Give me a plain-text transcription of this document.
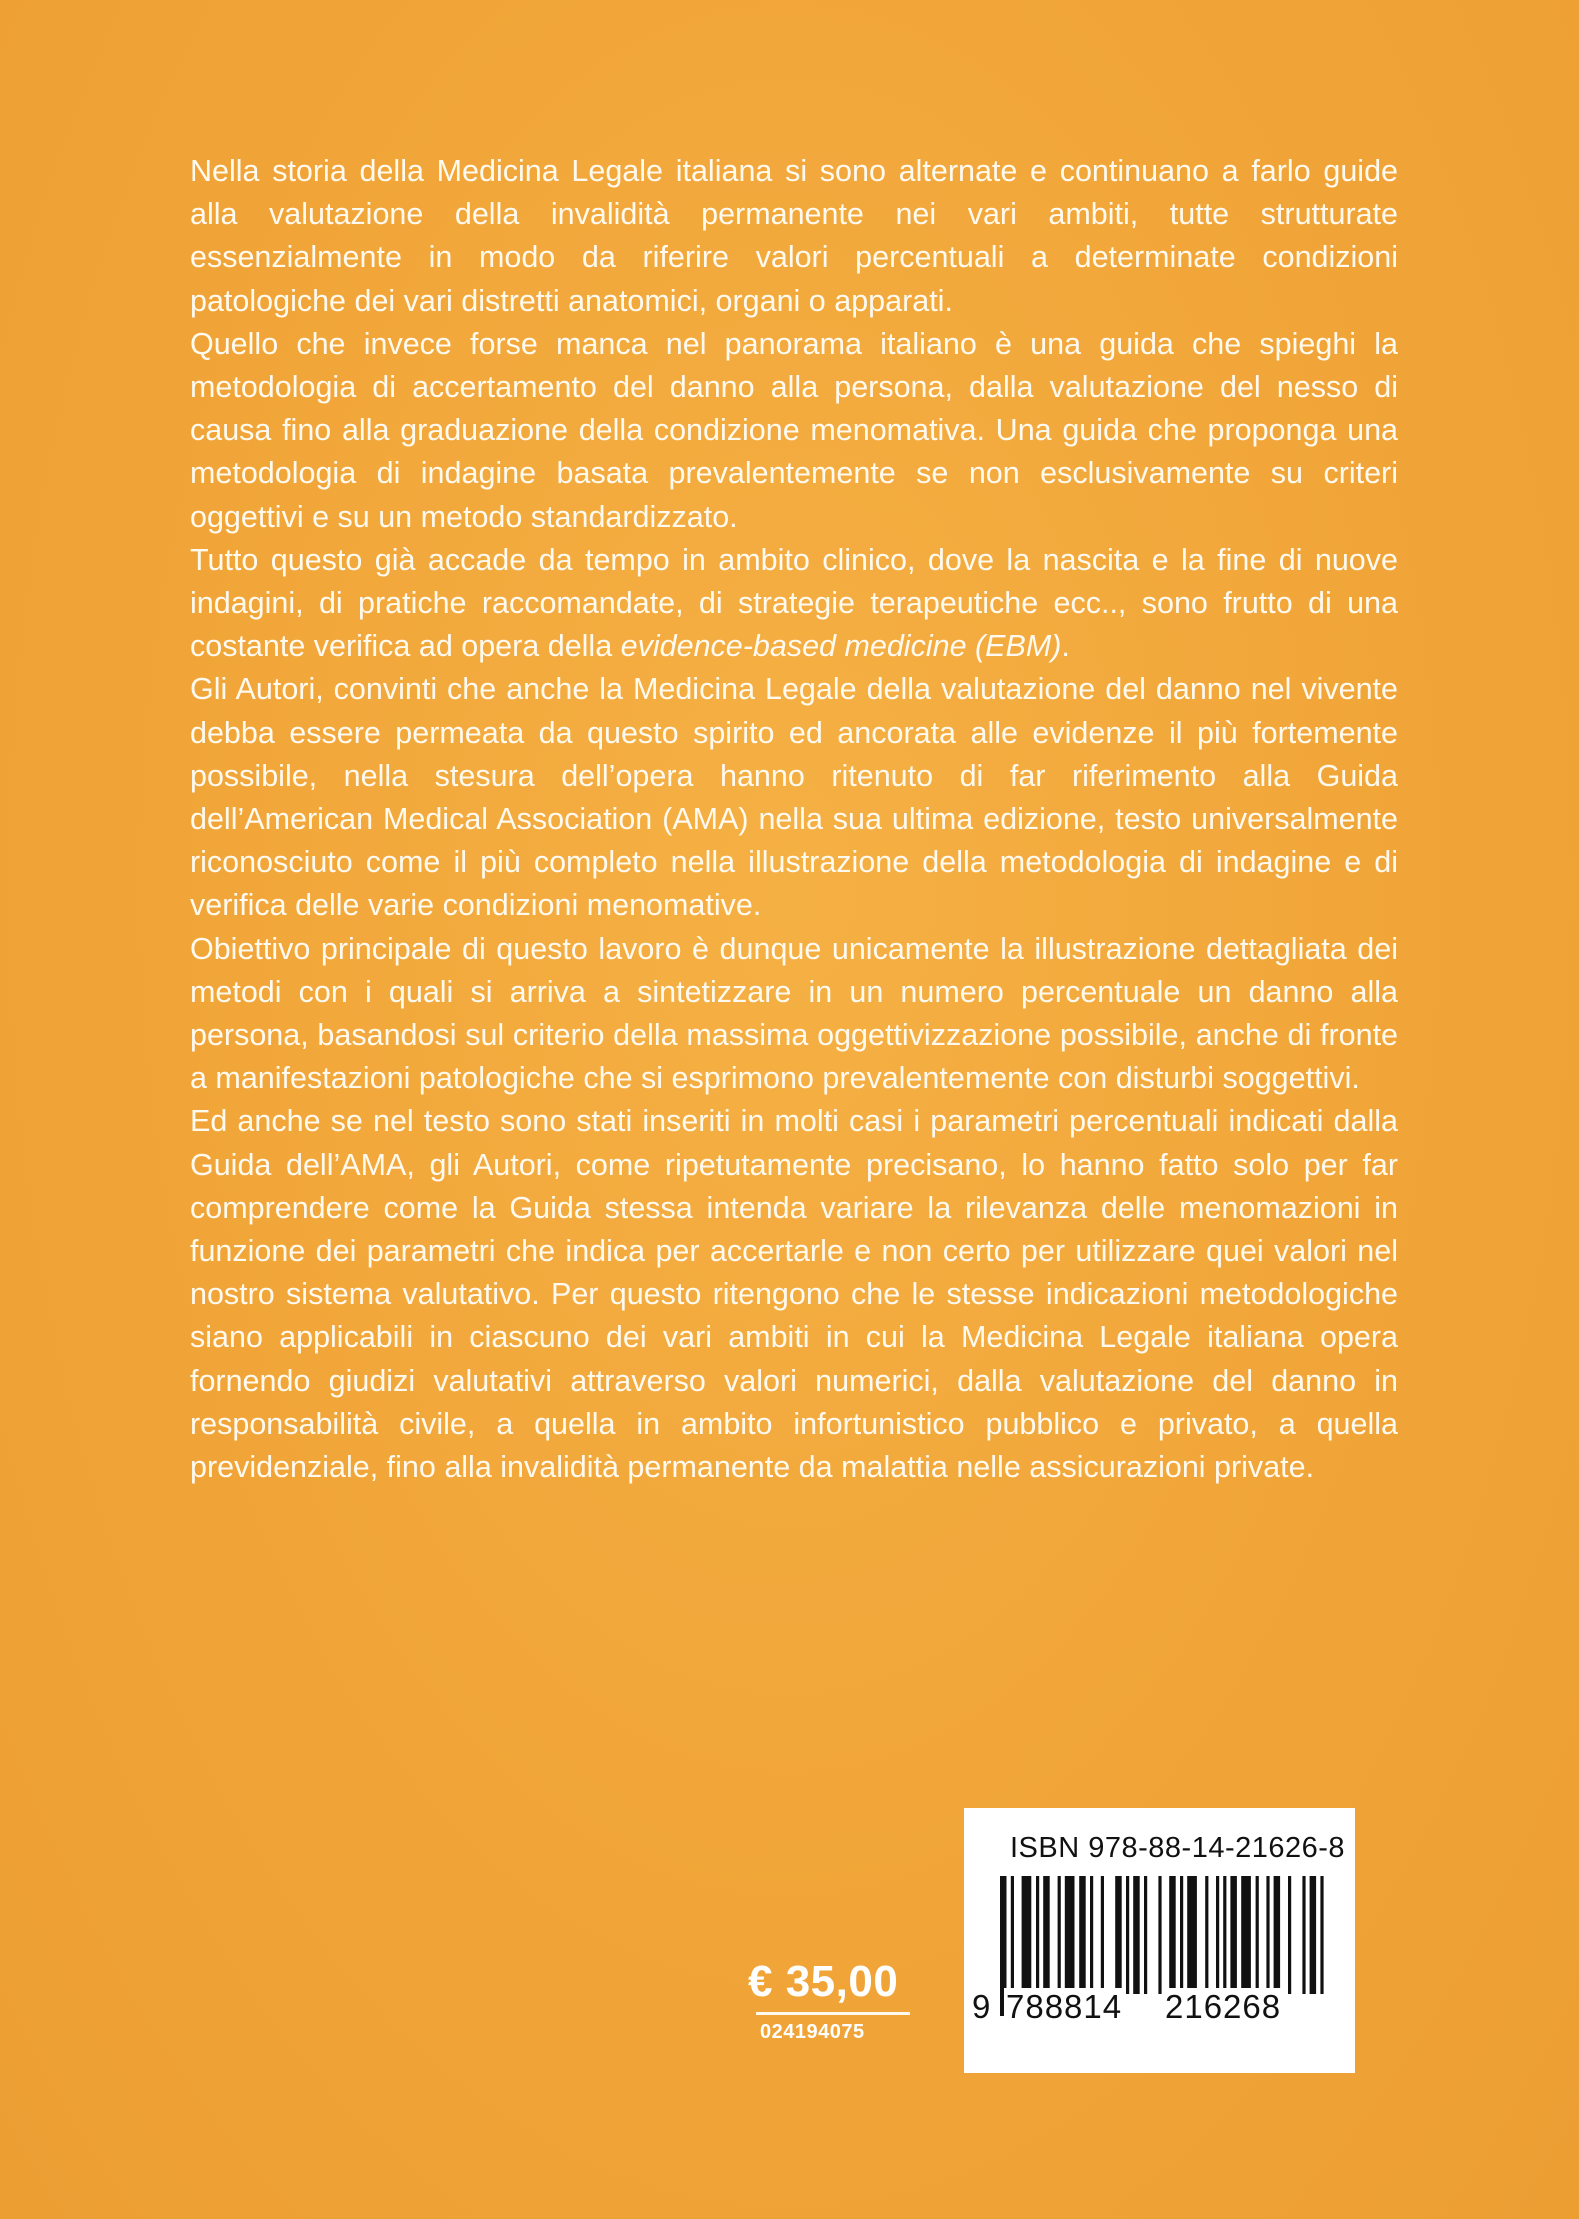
Nella storia della Medicina Legale italiana si sono alternate e continuano a farlo guide alla valutazione della invalidità permanente nei vari ambiti, tutte strutturate essenzialmente in modo da riferire valori percentuali a determinate condizioni patologiche dei vari distretti anatomici, organi o apparati.

Quello che invece forse manca nel panorama italiano è una guida che spieghi la metodologia di accertamento del danno alla persona, dalla valutazione del nesso di causa fino alla graduazione della condizione menomativa. Una guida che proponga una metodologia di indagine basata prevalentemente se non esclusivamente su criteri oggettivi e su un metodo standardizzato.

Tutto questo già accade da tempo in ambito clinico, dove la nascita e la fine di nuove indagini, di pratiche raccomandate, di strategie terapeutiche ecc.., sono frutto di una costante verifica ad opera della evidence-based medicine (EBM).

Gli Autori, convinti che anche la Medicina Legale della valutazione del danno nel vivente debba essere permeata da questo spirito ed ancorata alle evidenze il più fortemente possibile, nella stesura dell’opera hanno ritenuto di far riferimento alla Guida dell’American Medical Association (AMA) nella sua ultima edizione, testo universalmente riconosciuto come il più completo nella illustrazione della metodologia di indagine e di verifica delle varie condizioni menomative.

Obiettivo principale di questo lavoro è dunque unicamente la illustrazione dettagliata dei metodi con i quali si arriva a sintetizzare in un numero percentuale un danno alla persona, basandosi sul criterio della massima oggettivizzazione possibile, anche di fronte a manifestazioni patologiche che si esprimono prevalentemente con disturbi soggettivi.

Ed anche se nel testo sono stati inseriti in molti casi i parametri percentuali indicati dalla Guida dell’AMA, gli Autori, come ripetutamente precisano, lo hanno fatto solo per far comprendere come la Guida stessa intenda variare la rilevanza delle menomazioni in funzione dei parametri che indica per accertarle e non certo per utilizzare quei valori nel nostro sistema valutativo. Per questo ritengono che le stesse indicazioni metodologiche siano applicabili in ciascuno dei vari ambiti in cui la Medicina Legale italiana opera fornendo giudizi valutativi attraverso valori numerici, dalla valutazione del danno in responsabilità civile, a quella in ambito infortunistico pubblico e privato, a quella previdenziale, fino alla invalidità permanente da malattia nelle assicurazioni private.

ISBN 978-88-14-21626-8
9 788814 216268
€ 35,00
024194075
